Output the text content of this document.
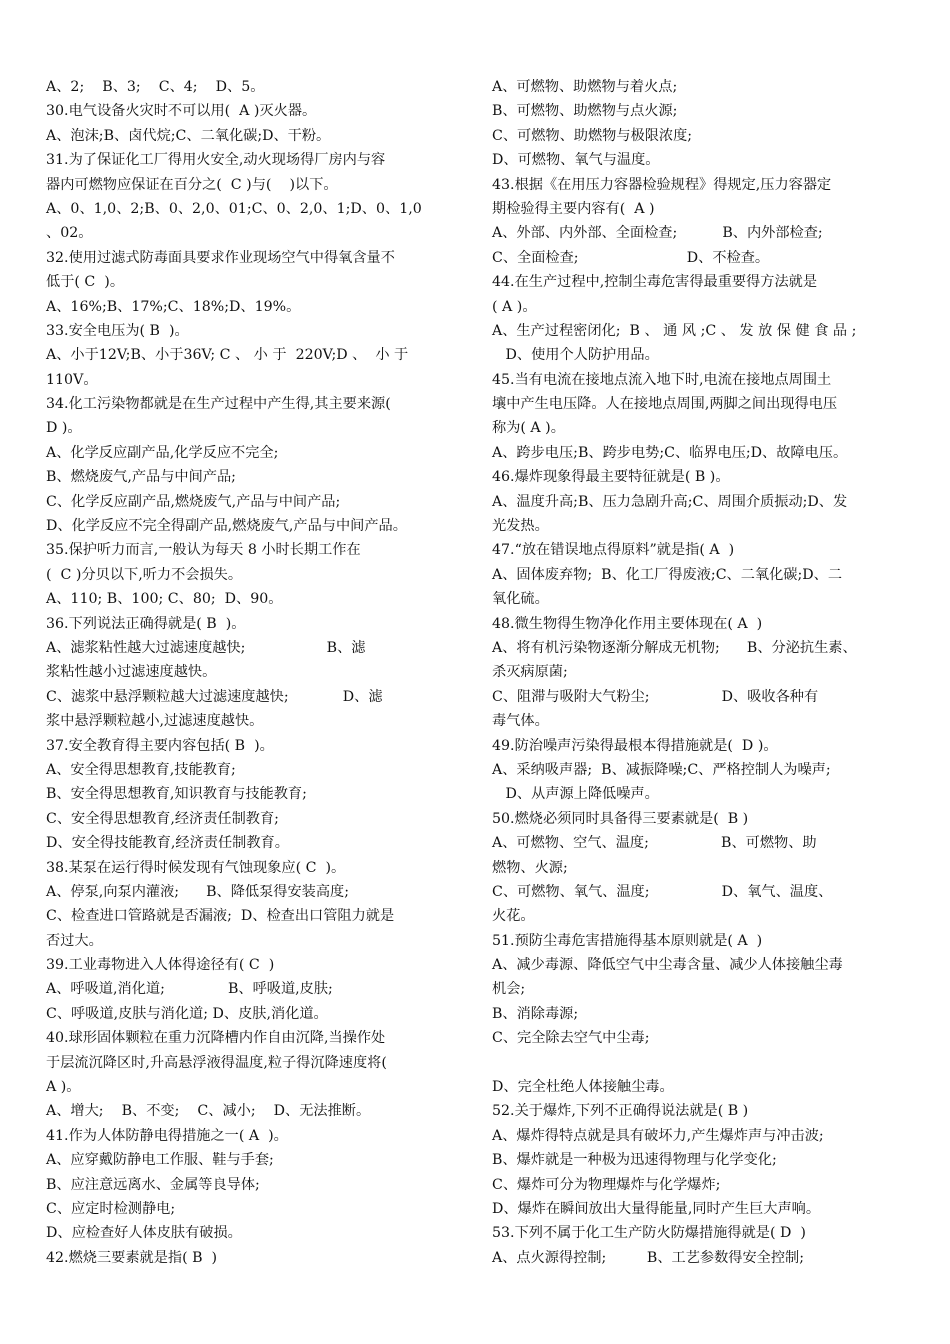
A、2;    B、3;    C、4;    D、5。
30.电气设备火灾时不可以用(  A )灭火器。
A、泡沫;B、卤代烷;C、二氧化碳;D、干粉。
31.为了保证化工厂得用火安全,动火现场得厂房内与容
器内可燃物应保证在百分之(  C )与(    )以下。
A、0、1,0、2;B、0、2,0、01;C、0、2,0、1;D、0、1,0
、02。
32.使用过滤式防毒面具要求作业现场空气中得氧含量不
低于( C  )。
A、16%;B、17%;C、18%;D、19%。
33.安全电压为( B  )。
A、小于12V;B、小于36V; C 、 小 于  220V;D 、  小 于
110V。
34.化工污染物都就是在生产过程中产生得,其主要来源(
D )。
A、化学反应副产品,化学反应不完全;
B、燃烧废气,产品与中间产品;
C、化学反应副产品,燃烧废气,产品与中间产品;
D、化学反应不完全得副产品,燃烧废气,产品与中间产品。
35.保护听力而言,一般认为每天 8 小时长期工作在
(  C )分贝以下,听力不会损失。
A、110; B、100; C、80;  D、90。
36.下列说法正确得就是( B  )。
A、滤浆粘性越大过滤速度越快;                  B、滤
浆粘性越小过滤速度越快。
C、滤浆中悬浮颗粒越大过滤速度越快;            D、滤
浆中悬浮颗粒越小,过滤速度越快。
37.安全教育得主要内容包括( B  )。
A、安全得思想教育,技能教育;
B、安全得思想教育,知识教育与技能教育;
C、安全得思想教育,经济责任制教育;
D、安全得技能教育,经济责任制教育。
38.某泵在运行得时候发现有气蚀现象应( C  )。
A、停泵,向泵内灌液;      B、降低泵得安装高度;
C、检查进口管路就是否漏液;  D、检查出口管阻力就是
否过大。
39.工业毒物进入人体得途径有( C  )
A、呼吸道,消化道;              B、呼吸道,皮肤;
C、呼吸道,皮肤与消化道; D、皮肤,消化道。
40.球形固体颗粒在重力沉降槽内作自由沉降,当操作处
于层流沉降区时,升高悬浮液得温度,粒子得沉降速度将(
A )。
A、增大;    B、不变;    C、减小;    D、无法推断。
41.作为人体防静电得措施之一( A  )。
A、应穿戴防静电工作服、鞋与手套;
B、应注意远离水、金属等良导体;
C、应定时检测静电;
D、应检查好人体皮肤有破损。
42.燃烧三要素就是指( B  )
A、可燃物、助燃物与着火点;
B、可燃物、助燃物与点火源;
C、可燃物、助燃物与极限浓度;
D、可燃物、氧气与温度。
43.根据《在用压力容器检验规程》得规定,压力容器定
期检验得主要内容有(  A )
A、外部、内外部、全面检查;          B、内外部检查;
C、全面检查;                        D、不检查。
44.在生产过程中,控制尘毒危害得最重要得方法就是
( A )。
A、生产过程密闭化;  B 、 通 风 ;C 、 发 放 保 健 食 品 ;
D、使用个人防护用品。
45.当有电流在接地点流入地下时,电流在接地点周围土
壤中产生电压降。人在接地点周围,两脚之间出现得电压
称为( A )。
A、跨步电压;B、跨步电势;C、临界电压;D、故障电压。
46.爆炸现象得最主要特征就是( B )。
A、温度升高;B、压力急剧升高;C、周围介质振动;D、发
光发热。
47.“放在错误地点得原料”就是指( A  )
A、固体废弃物;  B、化工厂得废液;C、二氧化碳;D、二
氧化硫。
48.微生物得生物净化作用主要体现在( A  )
A、将有机污染物逐渐分解成无机物;      B、分泌抗生素、
杀灭病原菌;
C、阻滞与吸附大气粉尘;                D、吸收各种有
毒气体。
49.防治噪声污染得最根本得措施就是(  D )。
A、采纳吸声器;  B、减振降噪;C、严格控制人为噪声;
D、从声源上降低噪声。
50.燃烧必须同时具备得三要素就是(  B )
A、可燃物、空气、温度;                B、可燃物、助
燃物、火源;
C、可燃物、氧气、温度;                D、氧气、温度、
火花。
51.预防尘毒危害措施得基本原则就是( A  )
A、减少毒源、降低空气中尘毒含量、减少人体接触尘毒
机会;
B、消除毒源;
C、完全除去空气中尘毒;
D、完全杜绝人体接触尘毒。
52.关于爆炸,下列不正确得说法就是( B )
A、爆炸得特点就是具有破坏力,产生爆炸声与冲击波;
B、爆炸就是一种极为迅速得物理与化学变化;
C、爆炸可分为物理爆炸与化学爆炸;
D、爆炸在瞬间放出大量得能量,同时产生巨大声响。
53.下列不属于化工生产防火防爆措施得就是( D  )
A、点火源得控制;         B、工艺参数得安全控制;
